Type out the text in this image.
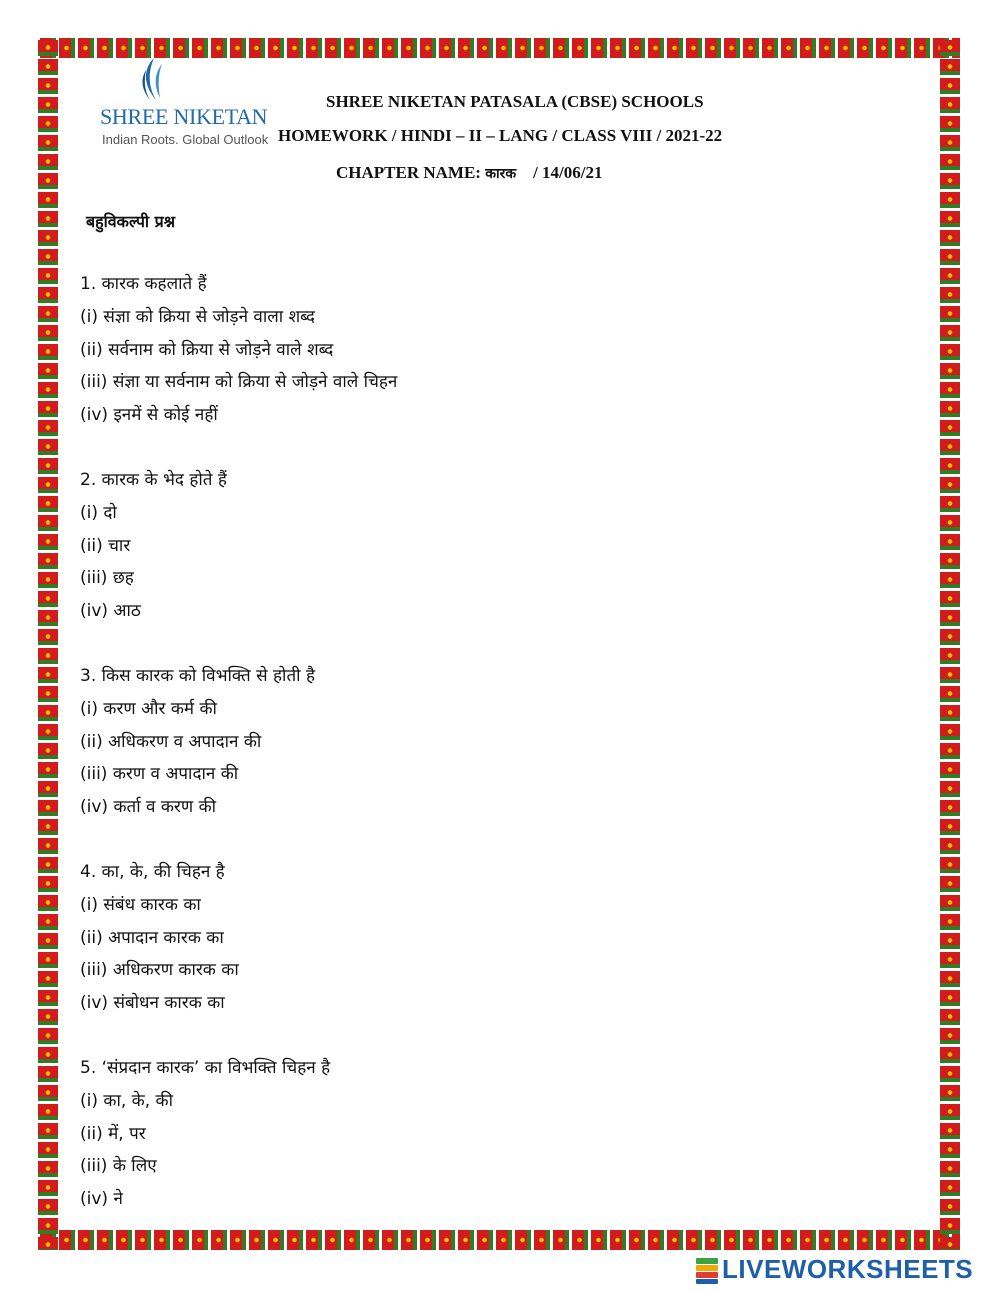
SHREE NIKETAN
Indian Roots. Global Outlook
SHREE NIKETAN PATASALA (CBSE) SCHOOLS
HOMEWORK / HINDI – II – LANG / CLASS VIII / 2021-22
CHAPTER NAME: कारक / 14/06/21
बहुविकल्पी प्रश्न
1. कारक कहलाते हैं
(i) संज्ञा को क्रिया से जोड़ने वाला शब्द
(ii) सर्वनाम को क्रिया से जोड़ने वाले शब्द
(iii) संज्ञा या सर्वनाम को क्रिया से जोड़ने वाले चिहन
(iv) इनमें से कोई नहीं
2. कारक के भेद होते हैं
(i) दो
(ii) चार
(iii) छह
(iv) आठ
3. किस कारक को विभक्ति से होती है
(i) करण और कर्म की
(ii) अधिकरण व अपादान की
(iii) करण व अपादान की
(iv) कर्ता व करण की
4. का, के, की चिहन है
(i) संबंध कारक का
(ii) अपादान कारक का
(iii) अधिकरण कारक का
(iv) संबोधन कारक का
5. ‘संप्रदान कारक’ का विभक्ति चिहन है
(i) का, के, की
(ii) में, पर
(iii) के लिए
(iv) ने
LIVEWORKSHEETS
